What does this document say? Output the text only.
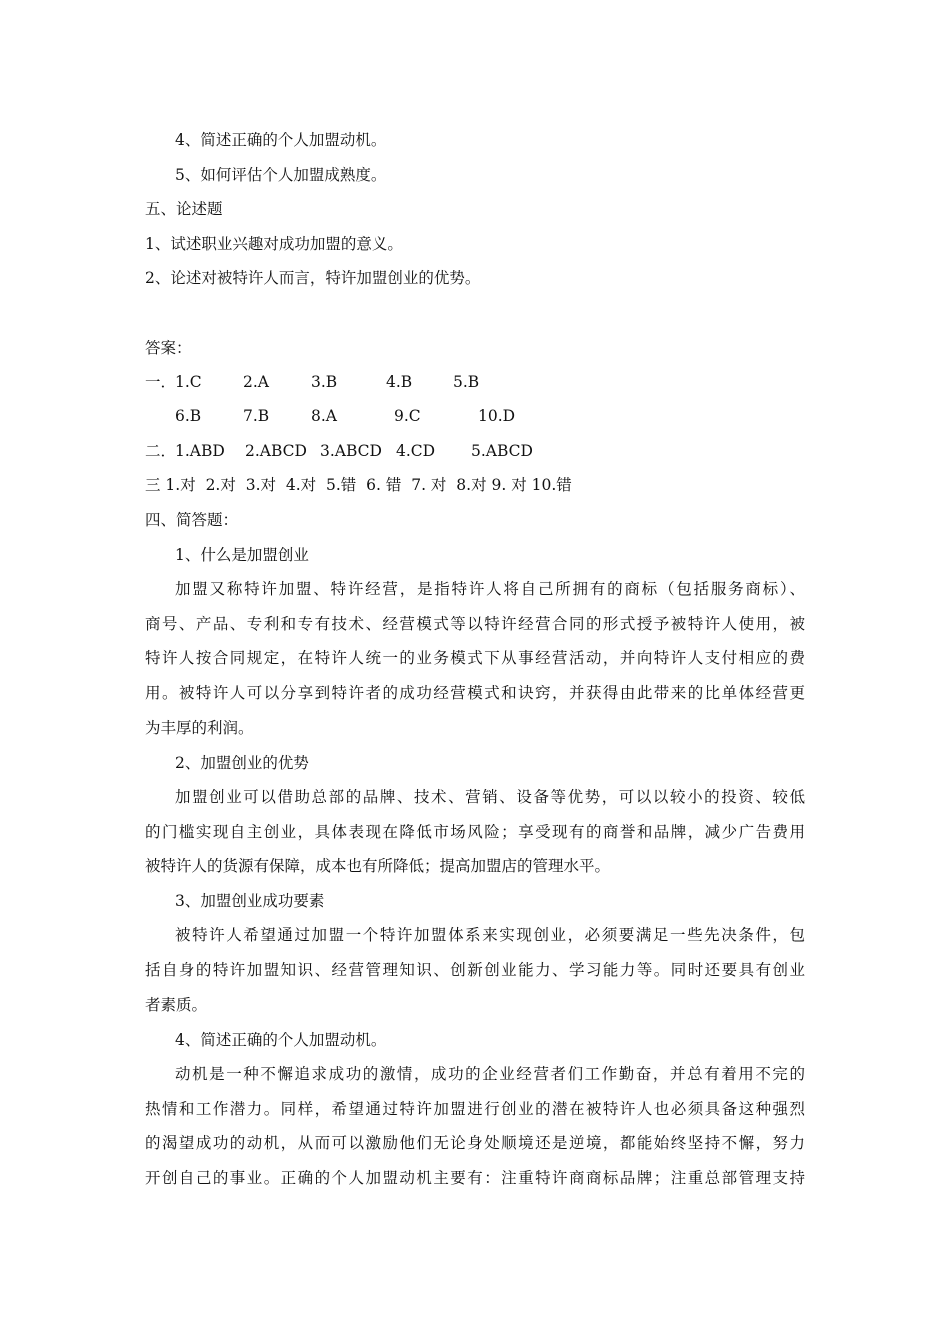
4、简述正确的个人加盟动机。
5、如何评估个人加盟成熟度。
五、论述题
1、试述职业兴趣对成功加盟的意义。
2、论述对被特许人而言，特许加盟创业的优势。
答案：
一．
1.C	2.A	3.B	4.B	5.B
6.B	7.B	8.A	9.C	10.D
二．
1.ABD 2.ABCD 3.ABCD 4.CD 5.ABCD
三 1.对  2.对  3.对  4.对  5.错  6. 错  7. 对  8.对 9. 对 10.错
四、简答题：
1、什么是加盟创业
加盟又称特许加盟、特许经营，是指特许人将自己所拥有的商标（包括服务商标）、
商号、产品、专利和专有技术、经营模式等以特许经营合同的形式授予被特许人使用，被
特许人按合同规定，在特许人统一的业务模式下从事经营活动，并向特许人支付相应的费
用。被特许人可以分享到特许者的成功经营模式和诀窍，并获得由此带来的比单体经营更
为丰厚的利润。
2、加盟创业的优势
加盟创业可以借助总部的品牌、技术、营销、设备等优势，可以以较小的投资、较低
的门槛实现自主创业，具体表现在降低市场风险；享受现有的商誉和品牌，减少广告费用
被特许人的货源有保障，成本也有所降低；提高加盟店的管理水平。
3、加盟创业成功要素
被特许人希望通过加盟一个特许加盟体系来实现创业，必须要满足一些先决条件，包
括自身的特许加盟知识、经营管理知识、创新创业能力、学习能力等。同时还要具有创业
者素质。
4、简述正确的个人加盟动机。
动机是一种不懈追求成功的激情，成功的企业经营者们工作勤奋，并总有着用不完的
热情和工作潜力。同样，希望通过特许加盟进行创业的潜在被特许人也必须具备这种强烈
的渴望成功的动机，从而可以激励他们无论身处顺境还是逆境，都能始终坚持不懈，努力
开创自己的事业。正确的个人加盟动机主要有：注重特许商商标品牌；注重总部管理支持
